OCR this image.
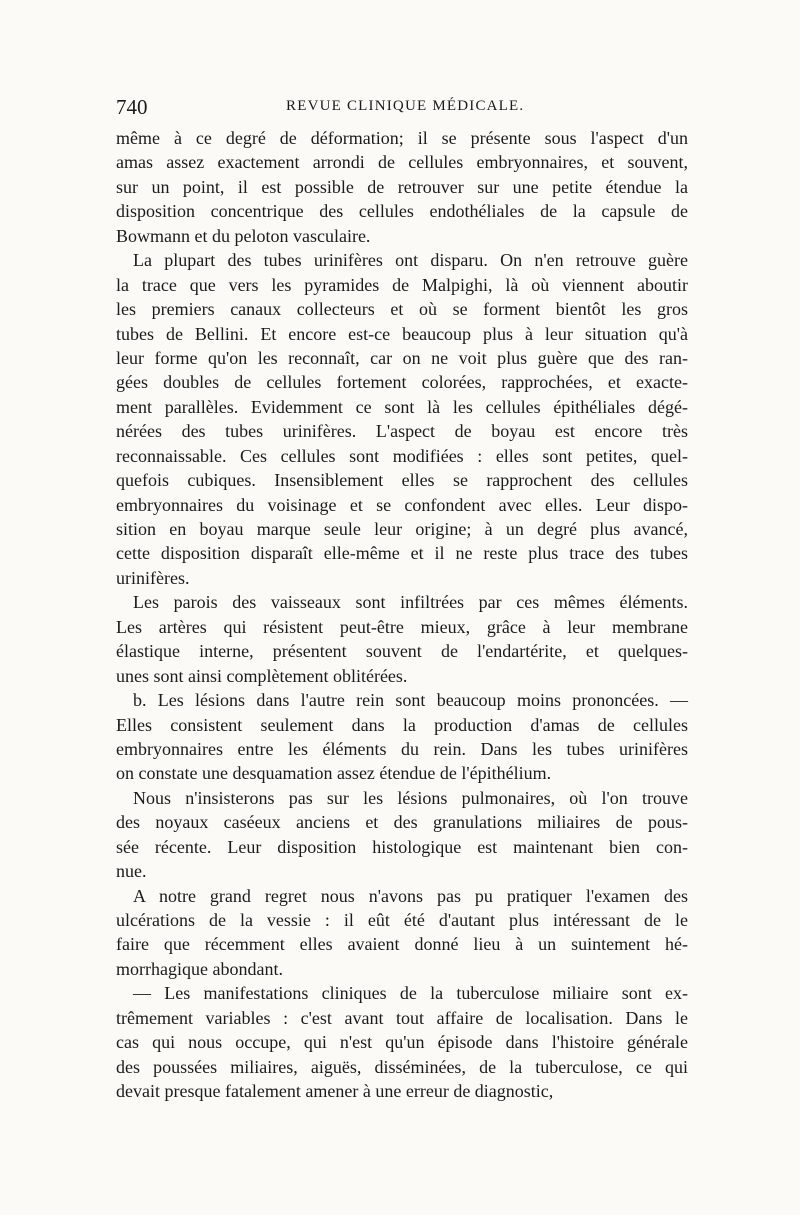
740	REVUE CLINIQUE MÉDICALE.
même à ce degré de déformation; il se présente sous l'aspect d'un
amas assez exactement arrondi de cellules embryonnaires, et souvent,
sur un point, il est possible de retrouver sur une petite étendue la
disposition concentrique des cellules endothéliales de la capsule de
Bowmann et du peloton vasculaire.
La plupart des tubes urinifères ont disparu. On n'en retrouve guère
la trace que vers les pyramides de Malpighi, là où viennent aboutir
les premiers canaux collecteurs et où se forment bientôt les gros
tubes de Bellini. Et encore est-ce beaucoup plus à leur situation qu'à
leur forme qu'on les reconnaît, car on ne voit plus guère que des ran-
gées doubles de cellules fortement colorées, rapprochées, et exacte-
ment parallèles. Evidemment ce sont là les cellules épithéliales dégé-
nérées des tubes urinifères. L'aspect de boyau est encore très
reconnaissable. Ces cellules sont modifiées : elles sont petites, quel-
quefois cubiques. Insensiblement elles se rapprochent des cellules
embryonnaires du voisinage et se confondent avec elles. Leur dispo-
sition en boyau marque seule leur origine; à un degré plus avancé,
cette disposition disparaît elle-même et il ne reste plus trace des tubes
urinifères.
Les parois des vaisseaux sont infiltrées par ces mêmes éléments.
Les artères qui résistent peut-être mieux, grâce à leur membrane
élastique interne, présentent souvent de l'endartérite, et quelques-
unes sont ainsi complètement oblitérées.
b. Les lésions dans l'autre rein sont beaucoup moins prononcées. —
Elles consistent seulement dans la production d'amas de cellules
embryonnaires entre les éléments du rein. Dans les tubes urinifères
on constate une desquamation assez étendue de l'épithélium.
Nous n'insisterons pas sur les lésions pulmonaires, où l'on trouve
des noyaux caséeux anciens et des granulations miliaires de pous-
sée récente. Leur disposition histologique est maintenant bien con-
nue.
A notre grand regret nous n'avons pas pu pratiquer l'examen des
ulcérations de la vessie : il eût été d'autant plus intéressant de le
faire que récemment elles avaient donné lieu à un suintement hé-
morrhagique abondant.
— Les manifestations cliniques de la tuberculose miliaire sont ex-
trêmement variables : c'est avant tout affaire de localisation. Dans le
cas qui nous occupe, qui n'est qu'un épisode dans l'histoire générale
des poussées miliaires, aiguës, disséminées, de la tuberculose, ce qui
devait presque fatalement amener à une erreur de diagnostic,
